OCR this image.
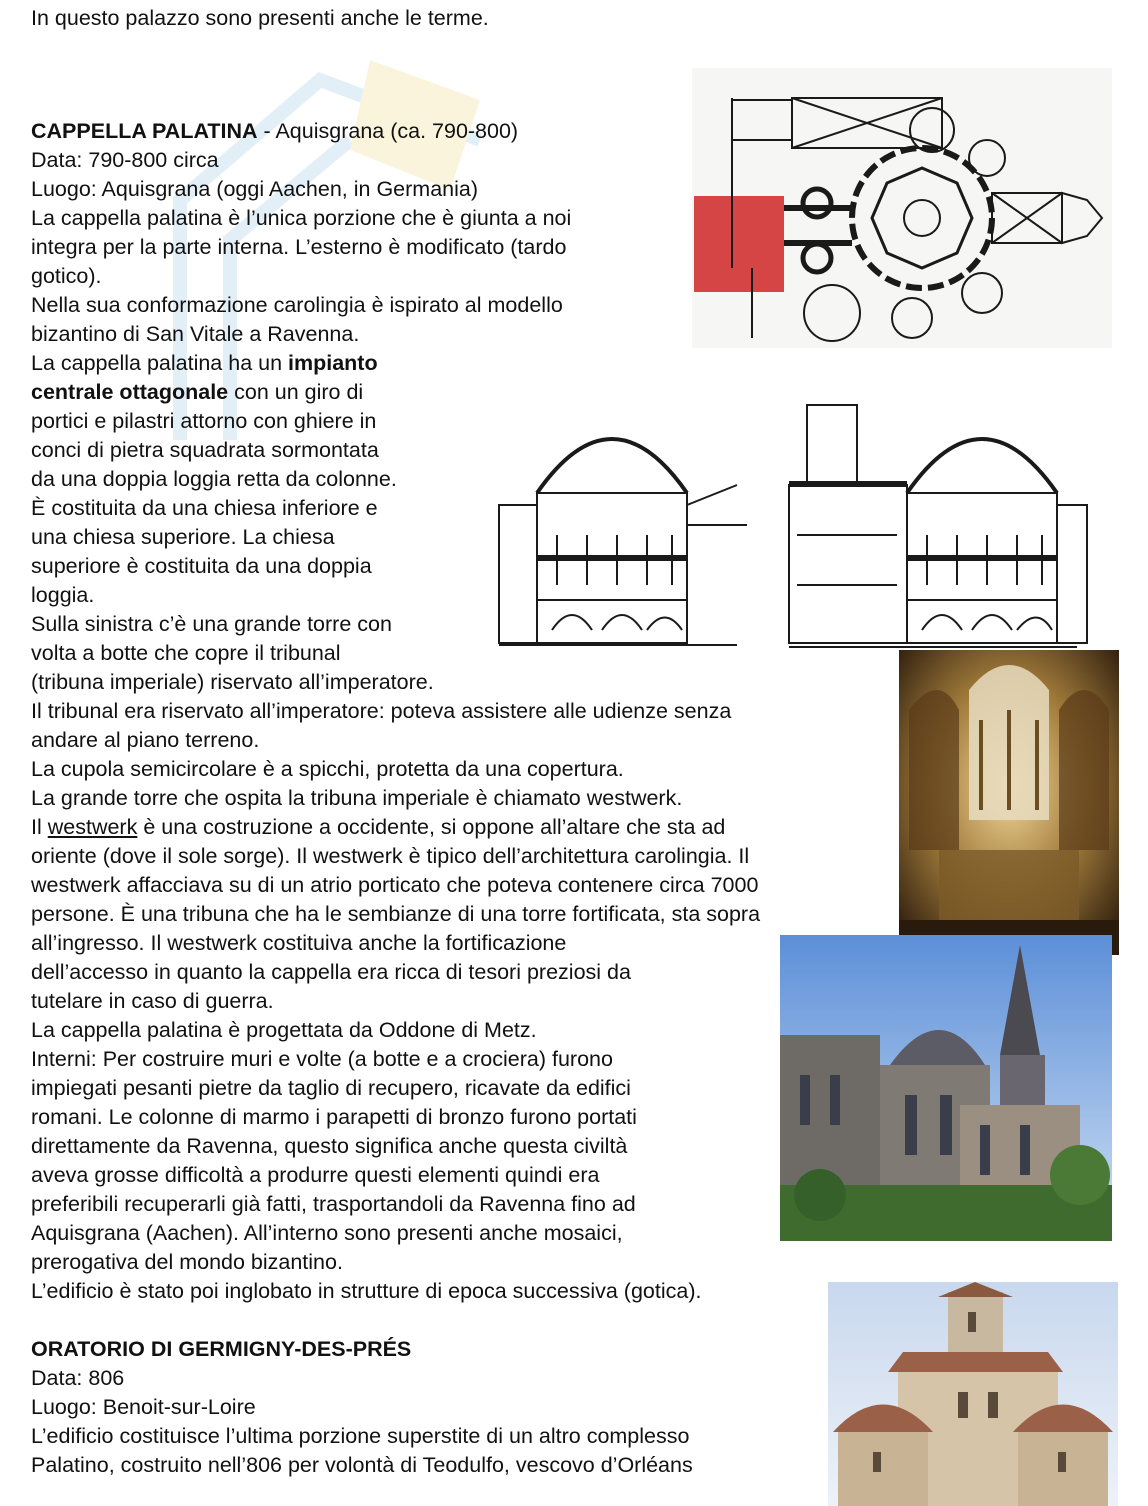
In questo palazzo sono presenti anche le terme.

CAPPELLA PALATINA - Aquisgrana (ca. 790-800)

Data: 790-800 circa

Luogo: Aquisgrana (oggi Aachen, in Germania)

La cappella palatina è l’unica porzione che è giunta a noi

integra per la parte interna. L’esterno è modificato (tardo

gotico).

Nella sua conformazione carolingia è ispirato al modello

bizantino di San Vitale a Ravenna.

La cappella palatina ha un impianto

centrale ottagonale con un giro di

portici e pilastri attorno con ghiere in

conci di pietra squadrata sormontata

da una doppia loggia retta da colonne.

È costituita da una chiesa inferiore e

una chiesa superiore. La chiesa

superiore è costituita da una doppia

loggia.

Sulla sinistra c’è una grande torre con

volta a botte che copre il tribunal

(tribuna imperiale) riservato all’imperatore.

Il tribunal era riservato all’imperatore: poteva assistere alle udienze senza

andare al piano terreno.

La cupola semicircolare è a spicchi, protetta da una copertura.

La grande torre che ospita la tribuna imperiale è chiamato westwerk.

Il westwerk è una costruzione a occidente, si oppone all’altare che sta ad

oriente (dove il sole sorge). Il westwerk è tipico dell’architettura carolingia. Il

westwerk affacciava su di un atrio porticato che poteva contenere circa 7000

persone. È una tribuna che ha le sembianze di una torre fortificata, sta sopra

all’ingresso. Il westwerk costituiva anche la fortificazione

dell’accesso in quanto la cappella era ricca di tesori preziosi da

tutelare in caso di guerra.

La cappella palatina è progettata da Oddone di Metz.

Interni: Per costruire muri e volte (a botte e a crociera) furono

impiegati pesanti pietre da taglio di recupero, ricavate da edifici

romani. Le colonne di marmo i parapetti di bronzo furono portati

direttamente da Ravenna, questo significa anche questa civiltà

aveva grosse difficoltà a produrre questi elementi quindi era

preferibili recuperarli già fatti, trasportandoli da Ravenna fino ad

Aquisgrana (Aachen). All’interno sono presenti anche mosaici,

prerogativa del mondo bizantino.

L’edificio è stato poi inglobato in strutture di epoca successiva (gotica).

ORATORIO DI GERMIGNY-DES-PRÉS

Data: 806

Luogo: Benoit-sur-Loire

L’edificio costituisce l’ultima porzione superstite di un altro complesso

Palatino, costruito nell’806 per volontà di Teodulfo, vescovo d’Orléans
